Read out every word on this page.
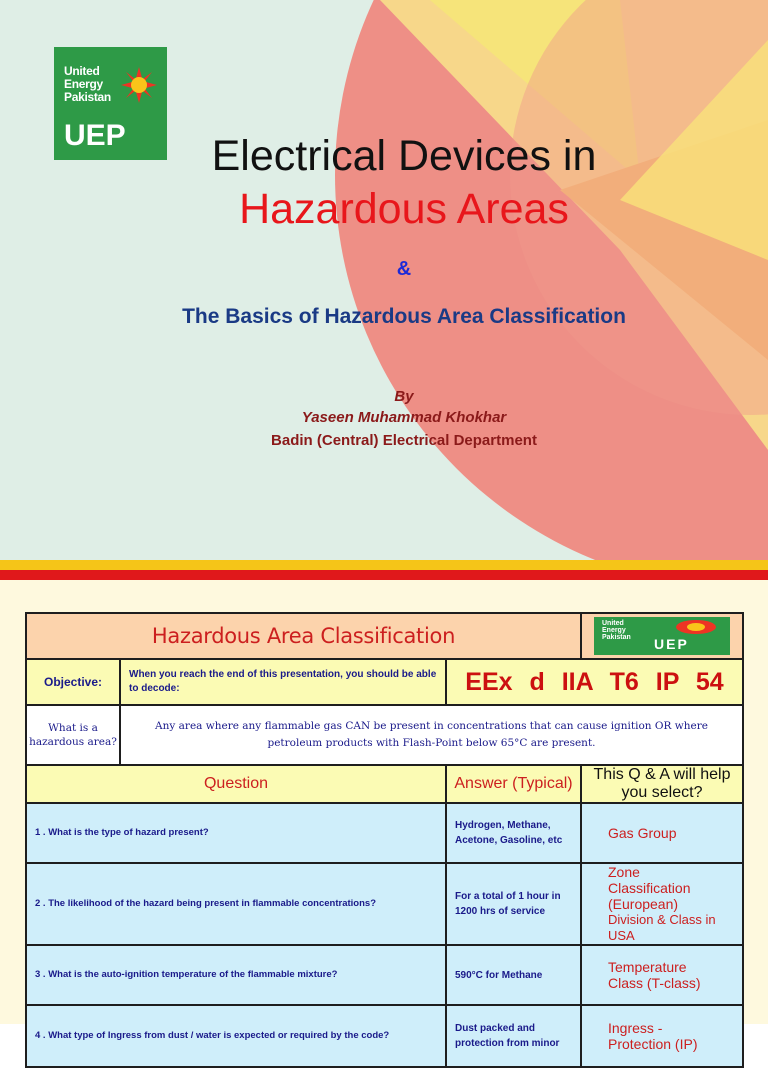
United
Energy
Pakistan
UEP	Electrical Devices in
Hazardous Areas
&
The Basics of Hazardous Area Classification
By
Yaseen Muhammad Khokhar
Badin (Central) Electrical Department
Hazardous Area Classification			United
Energy
Pakistan UEP

Objective:	When you reach the end of this presentation, you should be able to decode:	EEx d IIA T6 IP 54	
What is a hazardous area?	Any area where any flammable gas CAN be present in concentrations that can cause ignition OR where petroleum products with Flash-Point below 65°C are present.		
Question		Answer (Typical)	This Q & A will help you select?
1 . What is the type of hazard present?		Hydrogen, Methane, Acetone, Gasoline, etc	Gas Group

2 . The likelihood of the hazard being present in flammable concentrations?		For a total of 1 hour in 1200 hrs of service	Zone Classification (European)
Division & Class in USA

3 . What is the auto-ignition temperature of the flammable mixture?		590°C for Methane	Temperature Class (T-class)

4 . What type of Ingress from dust / water is expected or required by the code?		Dust packed and protection from minor	Ingress - Protection (IP)
